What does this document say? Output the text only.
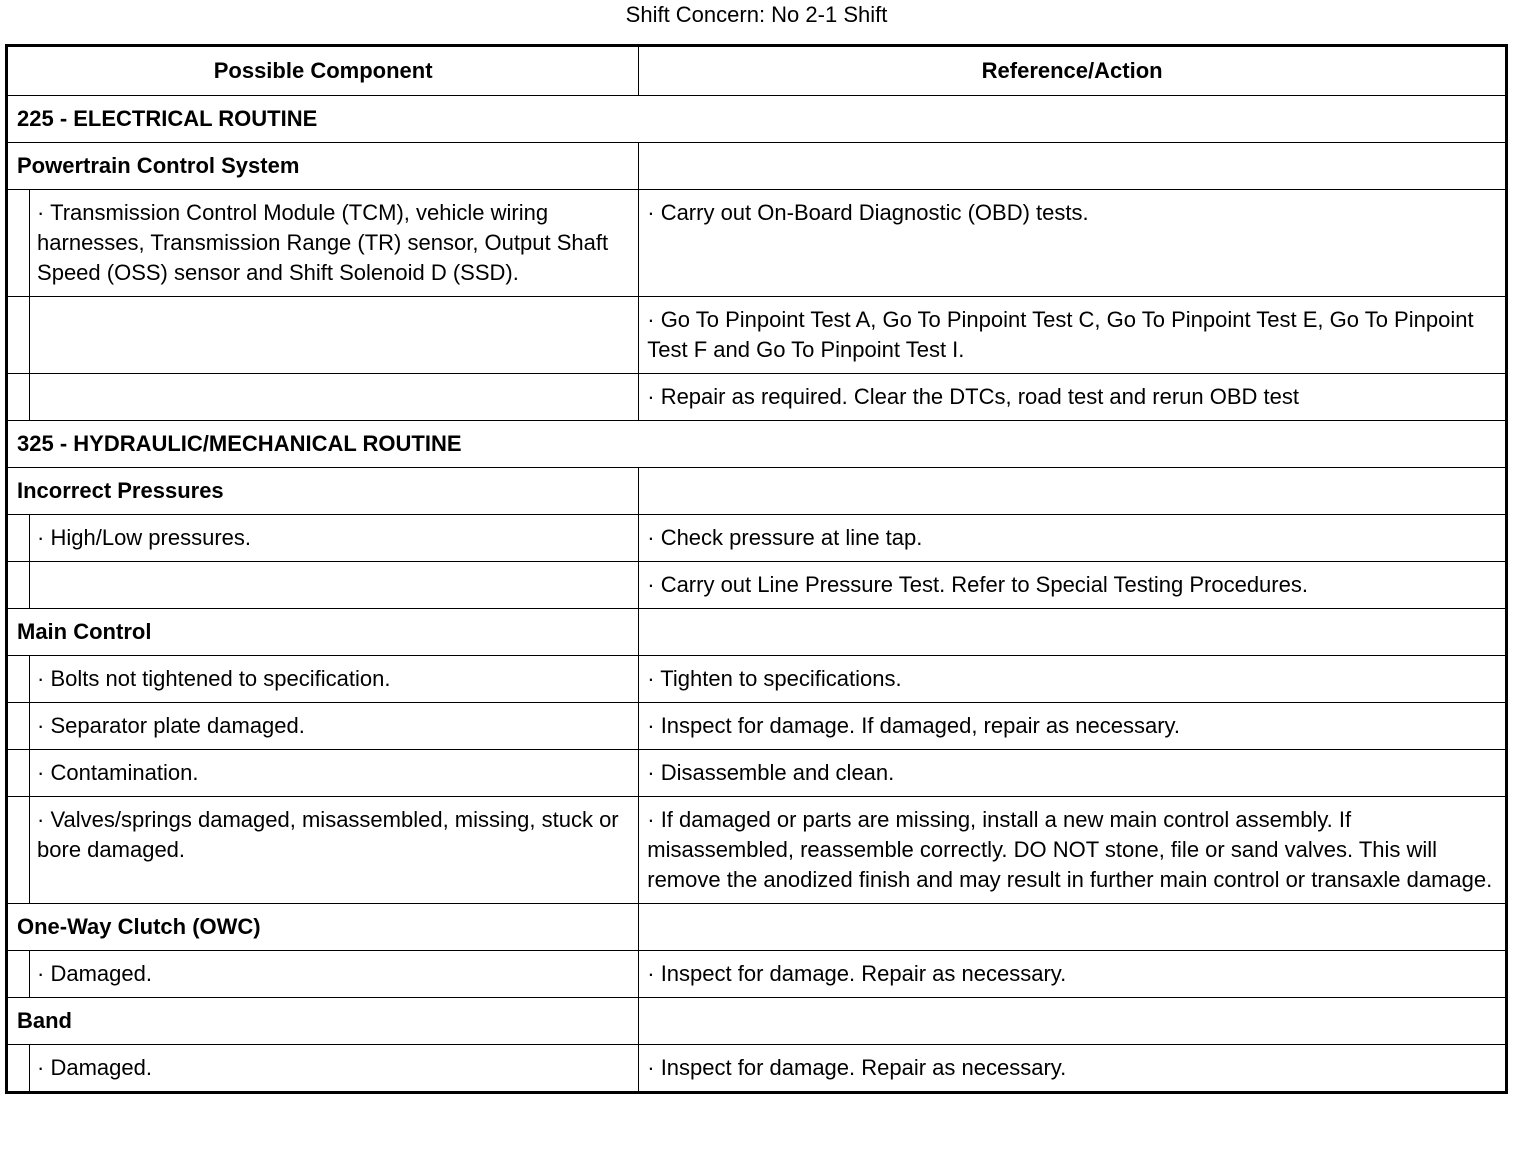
Shift Concern: No 2-1 Shift
Possible Component		Reference/Action
225 - ELECTRICAL ROUTINE		
Powertrain Control System		
	· Transmission Control Module (TCM), vehicle wiring harnesses, Transmission Range (TR) sensor, Output Shaft Speed (OSS) sensor and Shift Solenoid D (SSD).	· Carry out On-Board Diagnostic (OBD) tests.
		· Go To Pinpoint Test A, Go To Pinpoint Test C, Go To Pinpoint Test E, Go To Pinpoint Test F and Go To Pinpoint Test I.
		· Repair as required. Clear the DTCs, road test and rerun OBD test
325 - HYDRAULIC/MECHANICAL ROUTINE		
Incorrect Pressures		
	· High/Low pressures.	· Check pressure at line tap.
		· Carry out Line Pressure Test. Refer to Special Testing Procedures.
Main Control		
	· Bolts not tightened to specification.	· Tighten to specifications.
	· Separator plate damaged.	· Inspect for damage. If damaged, repair as necessary.
	· Contamination.	· Disassemble and clean.
	· Valves/springs damaged, misassembled, missing, stuck or bore damaged.	· If damaged or parts are missing, install a new main control assembly. If misassembled, reassemble correctly. DO NOT stone, file or sand valves. This will remove the anodized finish and may result in further main control or transaxle damage.
One-Way Clutch (OWC)		
	· Damaged.	· Inspect for damage. Repair as necessary.
Band		
	· Damaged.	· Inspect for damage. Repair as necessary.
